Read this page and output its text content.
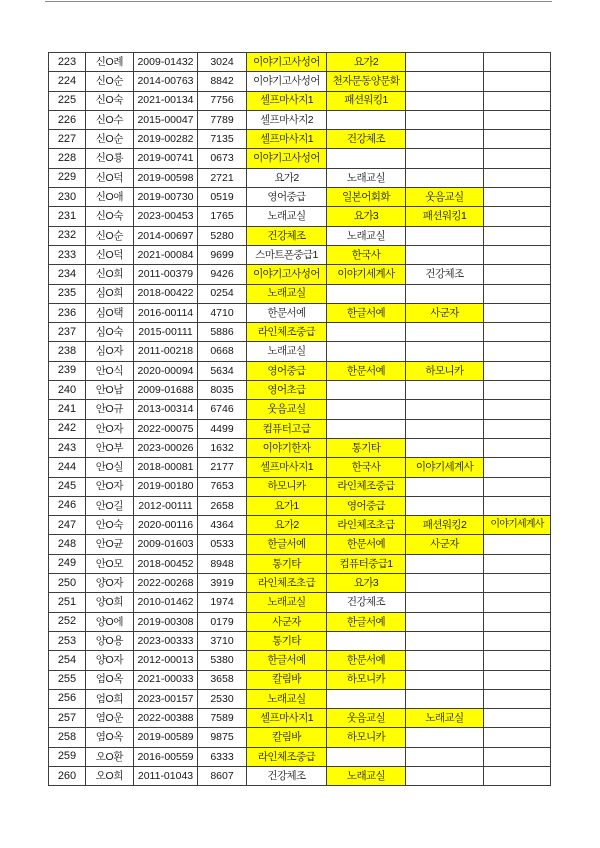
223	신O례	2009-01432	3024	이야기고사성어	요가2
224	신O순	2014-00763	8842	이야기고사성어	천자문동양문화
225	신O숙	2021-00134	7756	셀프마사지1	패션워킹1
226	신O수	2015-00047	7789	셀프마사지2
227	신O순	2019-00282	7135	셀프마사지1	건강체조
228	신O룡	2019-00741	0673	이야기고사성어
229	신O덕	2019-00598	2721	요가2	노래교실
230	신O애	2019-00730	0519	영어중급	일본어회화	웃음교실
231	신O숙	2023-00453	1765	노래교실	요가3	패션워킹1
232	신O순	2014-00697	5280	건강체조	노래교실
233	신O덕	2021-00084	9699	스마트폰중급1	한국사
234	신O희	2011-00379	9426	이야기고사성어	이야기세계사	건강체조
235	심O희	2018-00422	0254	노래교실
236	심O택	2016-00114	4710	한문서예	한글서예	사군자
237	심O숙	2015-00111	5886	라인체조중급
238	심O자	2011-00218	0668	노래교실
239	안O식	2020-00094	5634	영어중급	한문서예	하모니카
240	안O남	2009-01688	8035	영어초급
241	안O규	2013-00314	6746	웃음교실
242	안O자	2022-00075	4499	컴퓨터고급
243	안O부	2023-00026	1632	이야기한자	통기타
244	안O실	2018-00081	2177	셀프마사지1	한국사	이야기세계사
245	안O자	2019-00180	7653	하모니카	라인체조중급
246	안O길	2012-00111	2658	요가1	영어중급
247	안O숙	2020-00116	4364	요가2	라인체조초급	패션워킹2	이야기세계사
248	안O균	2009-01603	0533	한글서예	한문서예	사군자
249	안O모	2018-00452	8948	통기타	컴퓨터중급1
250	양O자	2022-00268	3919	라인체조초급	요가3
251	양O희	2010-01462	1974	노래교실	건강체조
252	양O에	2019-00308	0179	사군자	한글서예
253	양O용	2023-00333	3710	통기타
254	양O자	2012-00013	5380	한글서예	한문서예
255	엄O옥	2021-00033	3658	칼림바	하모니카
256	엄O희	2023-00157	2530	노래교실
257	염O운	2022-00388	7589	셀프마사지1	웃음교실	노래교실
258	염O옥	2019-00589	9875	칼림바	하모니카
259	오O환	2016-00559	6333	라인체조중급
260	오O희	2011-01043	8607	건강체조	노래교실
